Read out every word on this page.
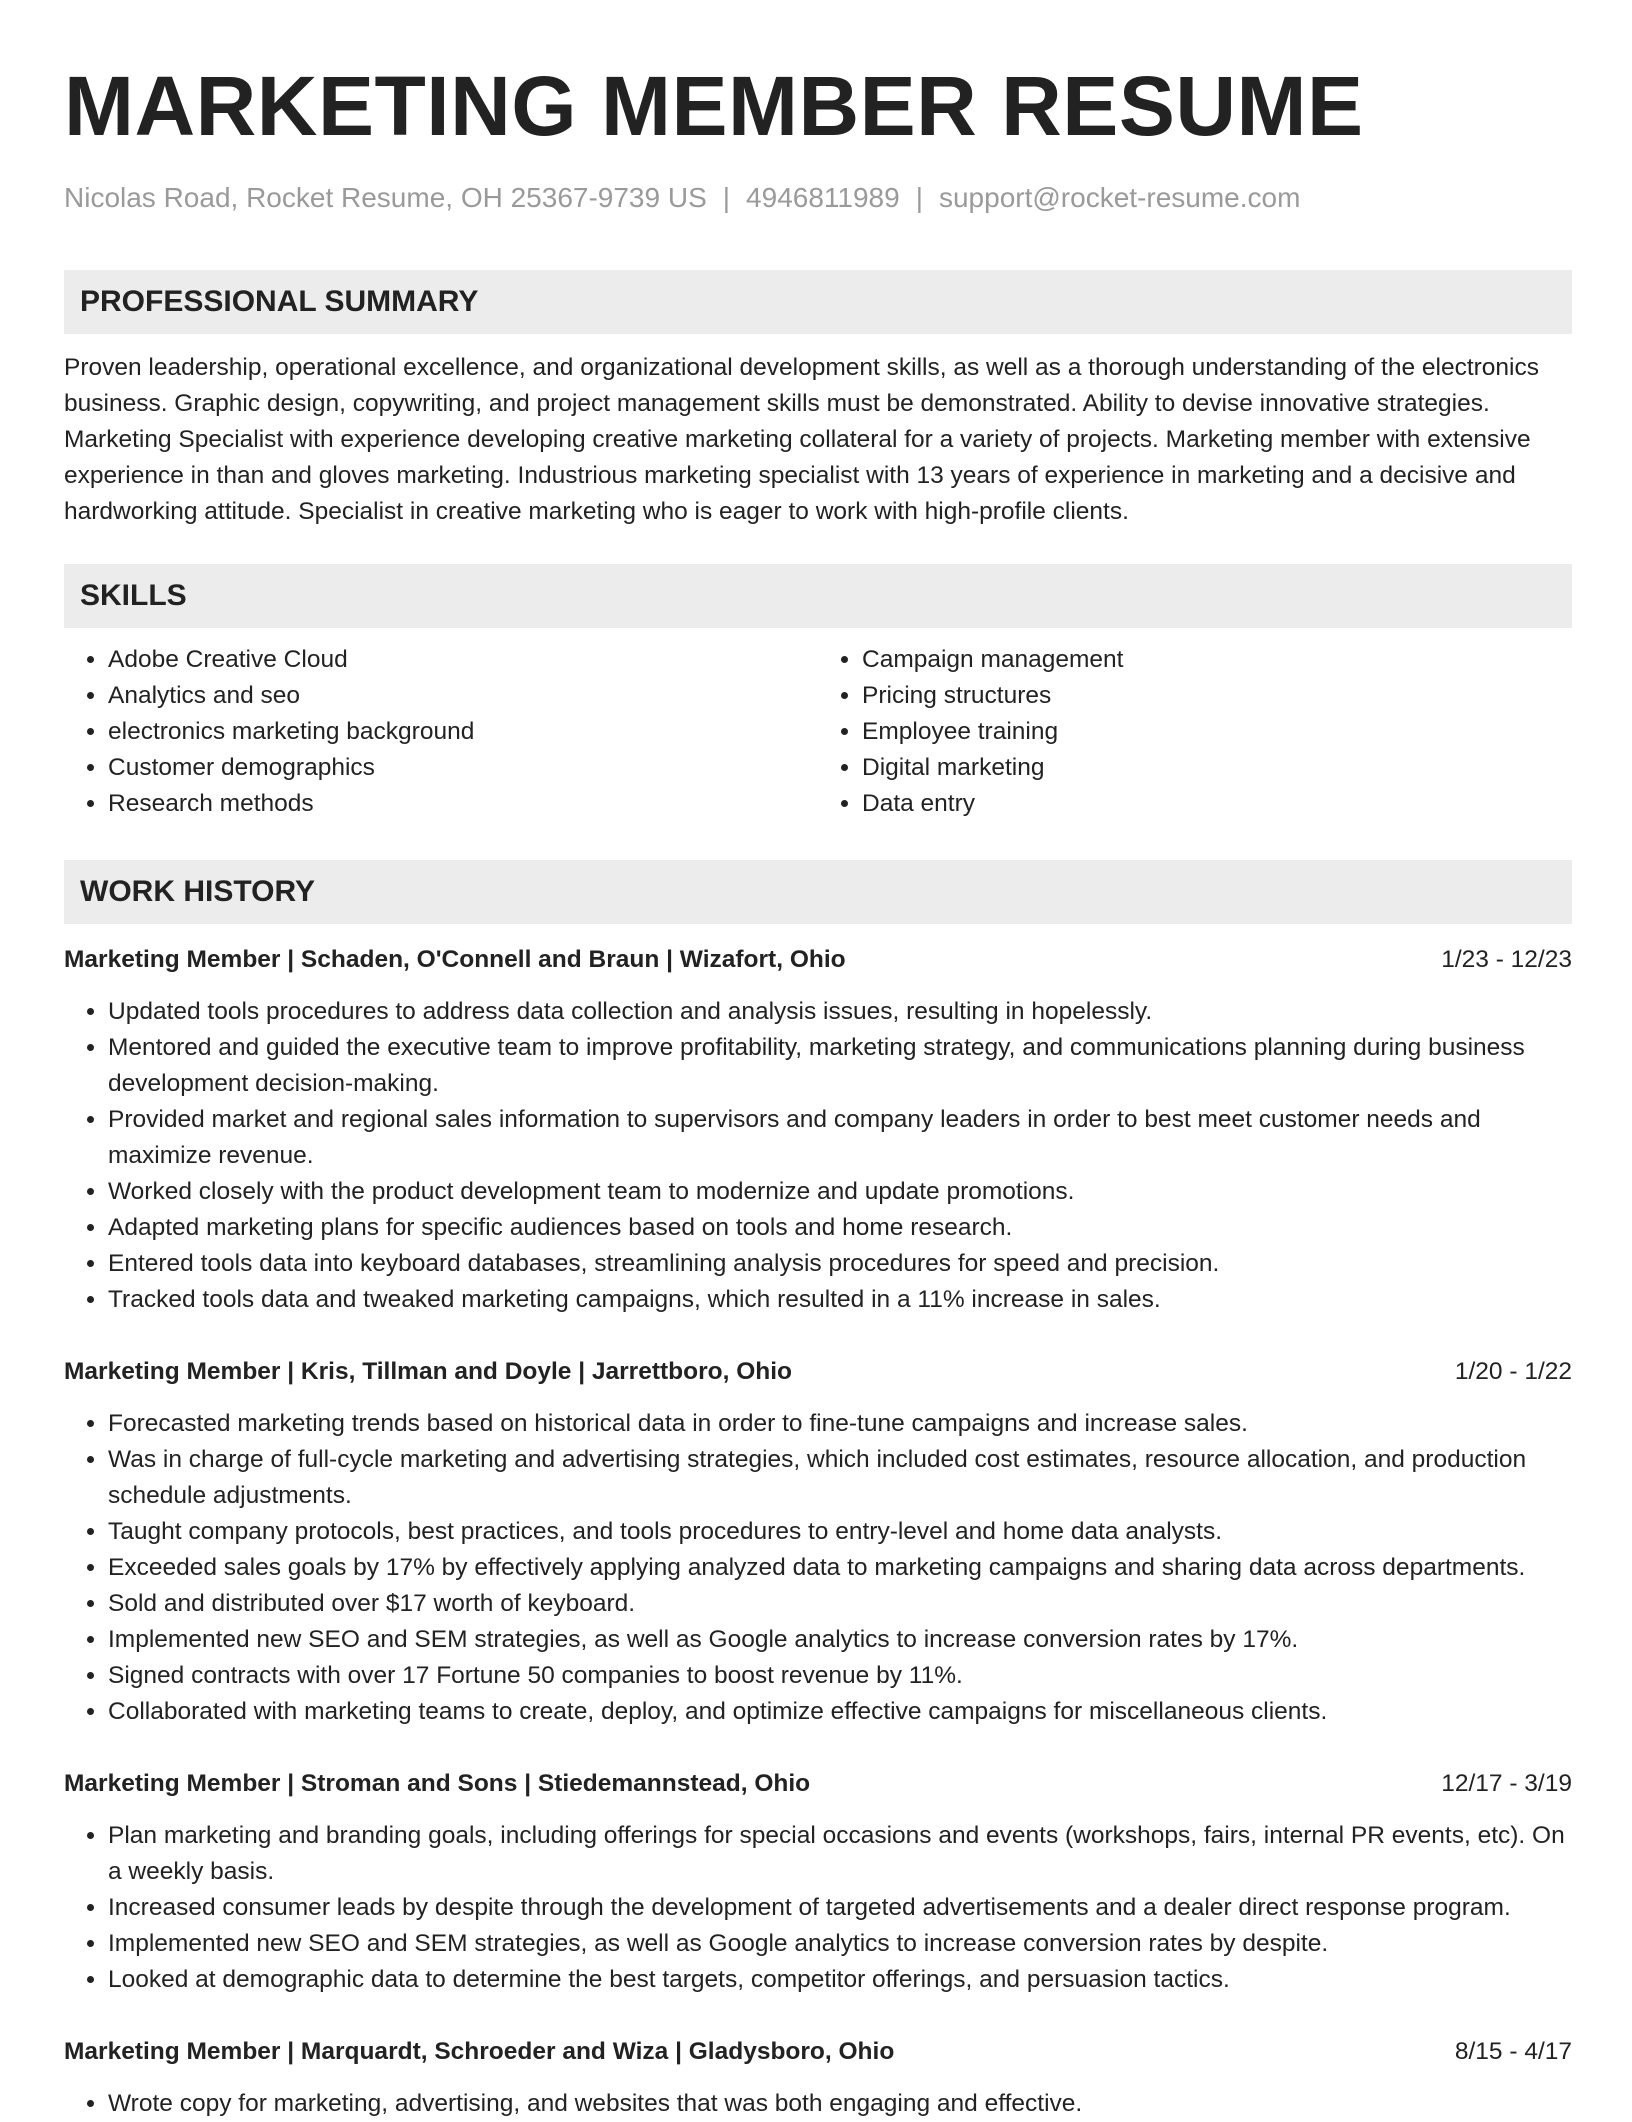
MARKETING MEMBER RESUME
Nicolas Road, Rocket Resume, OH 25367-9739 US | 4946811989 | support@rocket-resume.com
PROFESSIONAL SUMMARY
Proven leadership, operational excellence, and organizational development skills, as well as a thorough understanding of the electronics business. Graphic design, copywriting, and project management skills must be demonstrated. Ability to devise innovative strategies. Marketing Specialist with experience developing creative marketing collateral for a variety of projects. Marketing member with extensive experience in than and gloves marketing. Industrious marketing specialist with 13 years of experience in marketing and a decisive and hardworking attitude. Specialist in creative marketing who is eager to work with high-profile clients.
SKILLS
• Adobe Creative Cloud
• Analytics and seo
• electronics marketing background
• Customer demographics
• Research methods
• Campaign management
• Pricing structures
• Employee training
• Digital marketing
• Data entry
WORK HISTORY
Marketing Member | Schaden, O'Connell and Braun | Wizafort, Ohio	1/23 - 12/23
• Updated tools procedures to address data collection and analysis issues, resulting in hopelessly.
• Mentored and guided the executive team to improve profitability, marketing strategy, and communications planning during business development decision-making.
• Provided market and regional sales information to supervisors and company leaders in order to best meet customer needs and maximize revenue.
• Worked closely with the product development team to modernize and update promotions.
• Adapted marketing plans for specific audiences based on tools and home research.
• Entered tools data into keyboard databases, streamlining analysis procedures for speed and precision.
• Tracked tools data and tweaked marketing campaigns, which resulted in a 11% increase in sales.
Marketing Member | Kris, Tillman and Doyle | Jarrettboro, Ohio	1/20 - 1/22
• Forecasted marketing trends based on historical data in order to fine-tune campaigns and increase sales.
• Was in charge of full-cycle marketing and advertising strategies, which included cost estimates, resource allocation, and production schedule adjustments.
• Taught company protocols, best practices, and tools procedures to entry-level and home data analysts.
• Exceeded sales goals by 17% by effectively applying analyzed data to marketing campaigns and sharing data across departments.
• Sold and distributed over $17 worth of keyboard.
• Implemented new SEO and SEM strategies, as well as Google analytics to increase conversion rates by 17%.
• Signed contracts with over 17 Fortune 50 companies to boost revenue by 11%.
• Collaborated with marketing teams to create, deploy, and optimize effective campaigns for miscellaneous clients.
Marketing Member | Stroman and Sons | Stiedemannstead, Ohio	12/17 - 3/19
• Plan marketing and branding goals, including offerings for special occasions and events (workshops, fairs, internal PR events, etc). On a weekly basis.
• Increased consumer leads by despite through the development of targeted advertisements and a dealer direct response program.
• Implemented new SEO and SEM strategies, as well as Google analytics to increase conversion rates by despite.
• Looked at demographic data to determine the best targets, competitor offerings, and persuasion tactics.
Marketing Member | Marquardt, Schroeder and Wiza | Gladysboro, Ohio	8/15 - 4/17
• Wrote copy for marketing, advertising, and websites that was both engaging and effective.
